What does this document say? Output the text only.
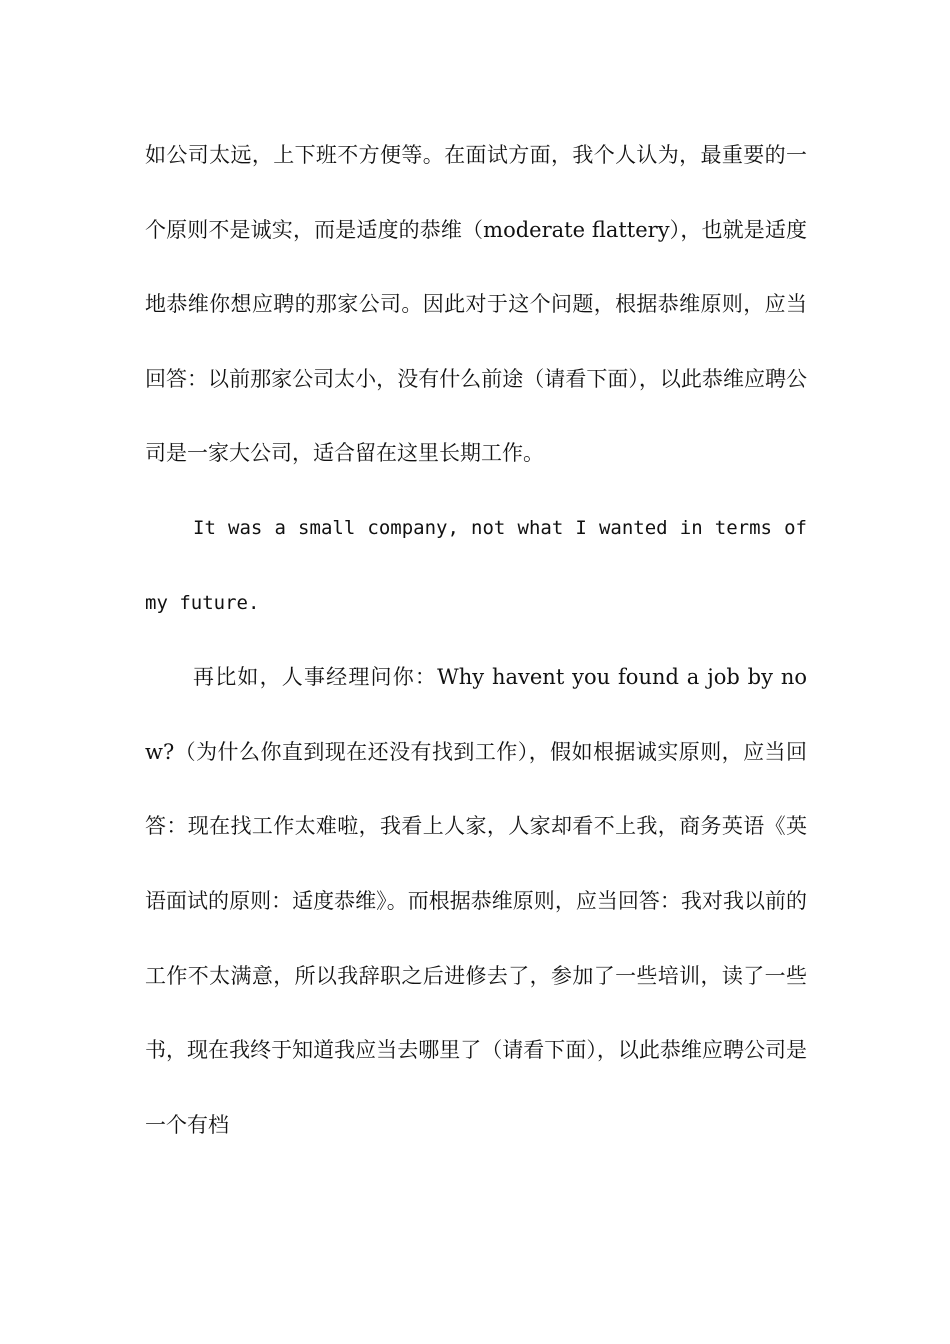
如公司太远，上下班不方便等。在面试方面，我个人认为，最重要的一个原则不是诚实，而是适度的恭维（moderate flattery），也就是适度地恭维你想应聘的那家公司。因此对于这个问题，根据恭维原则，应当回答：以前那家公司太小，没有什么前途（请看下面），以此恭维应聘公司是一家大公司，适合留在这里长期工作。

It was a small company, not what I wanted in terms of my future.

再比如，人事经理问你：Why havent you found a job by now?（为什么你直到现在还没有找到工作），假如根据诚实原则，应当回答：现在找工作太难啦，我看上人家，人家却看不上我，商务英语《英语面试的原则：适度恭维》。而根据恭维原则，应当回答：我对我以前的工作不太满意，所以我辞职之后进修去了，参加了一些培训，读了一些书，现在我终于知道我应当去哪里了（请看下面），以此恭维应聘公司是一个有档
